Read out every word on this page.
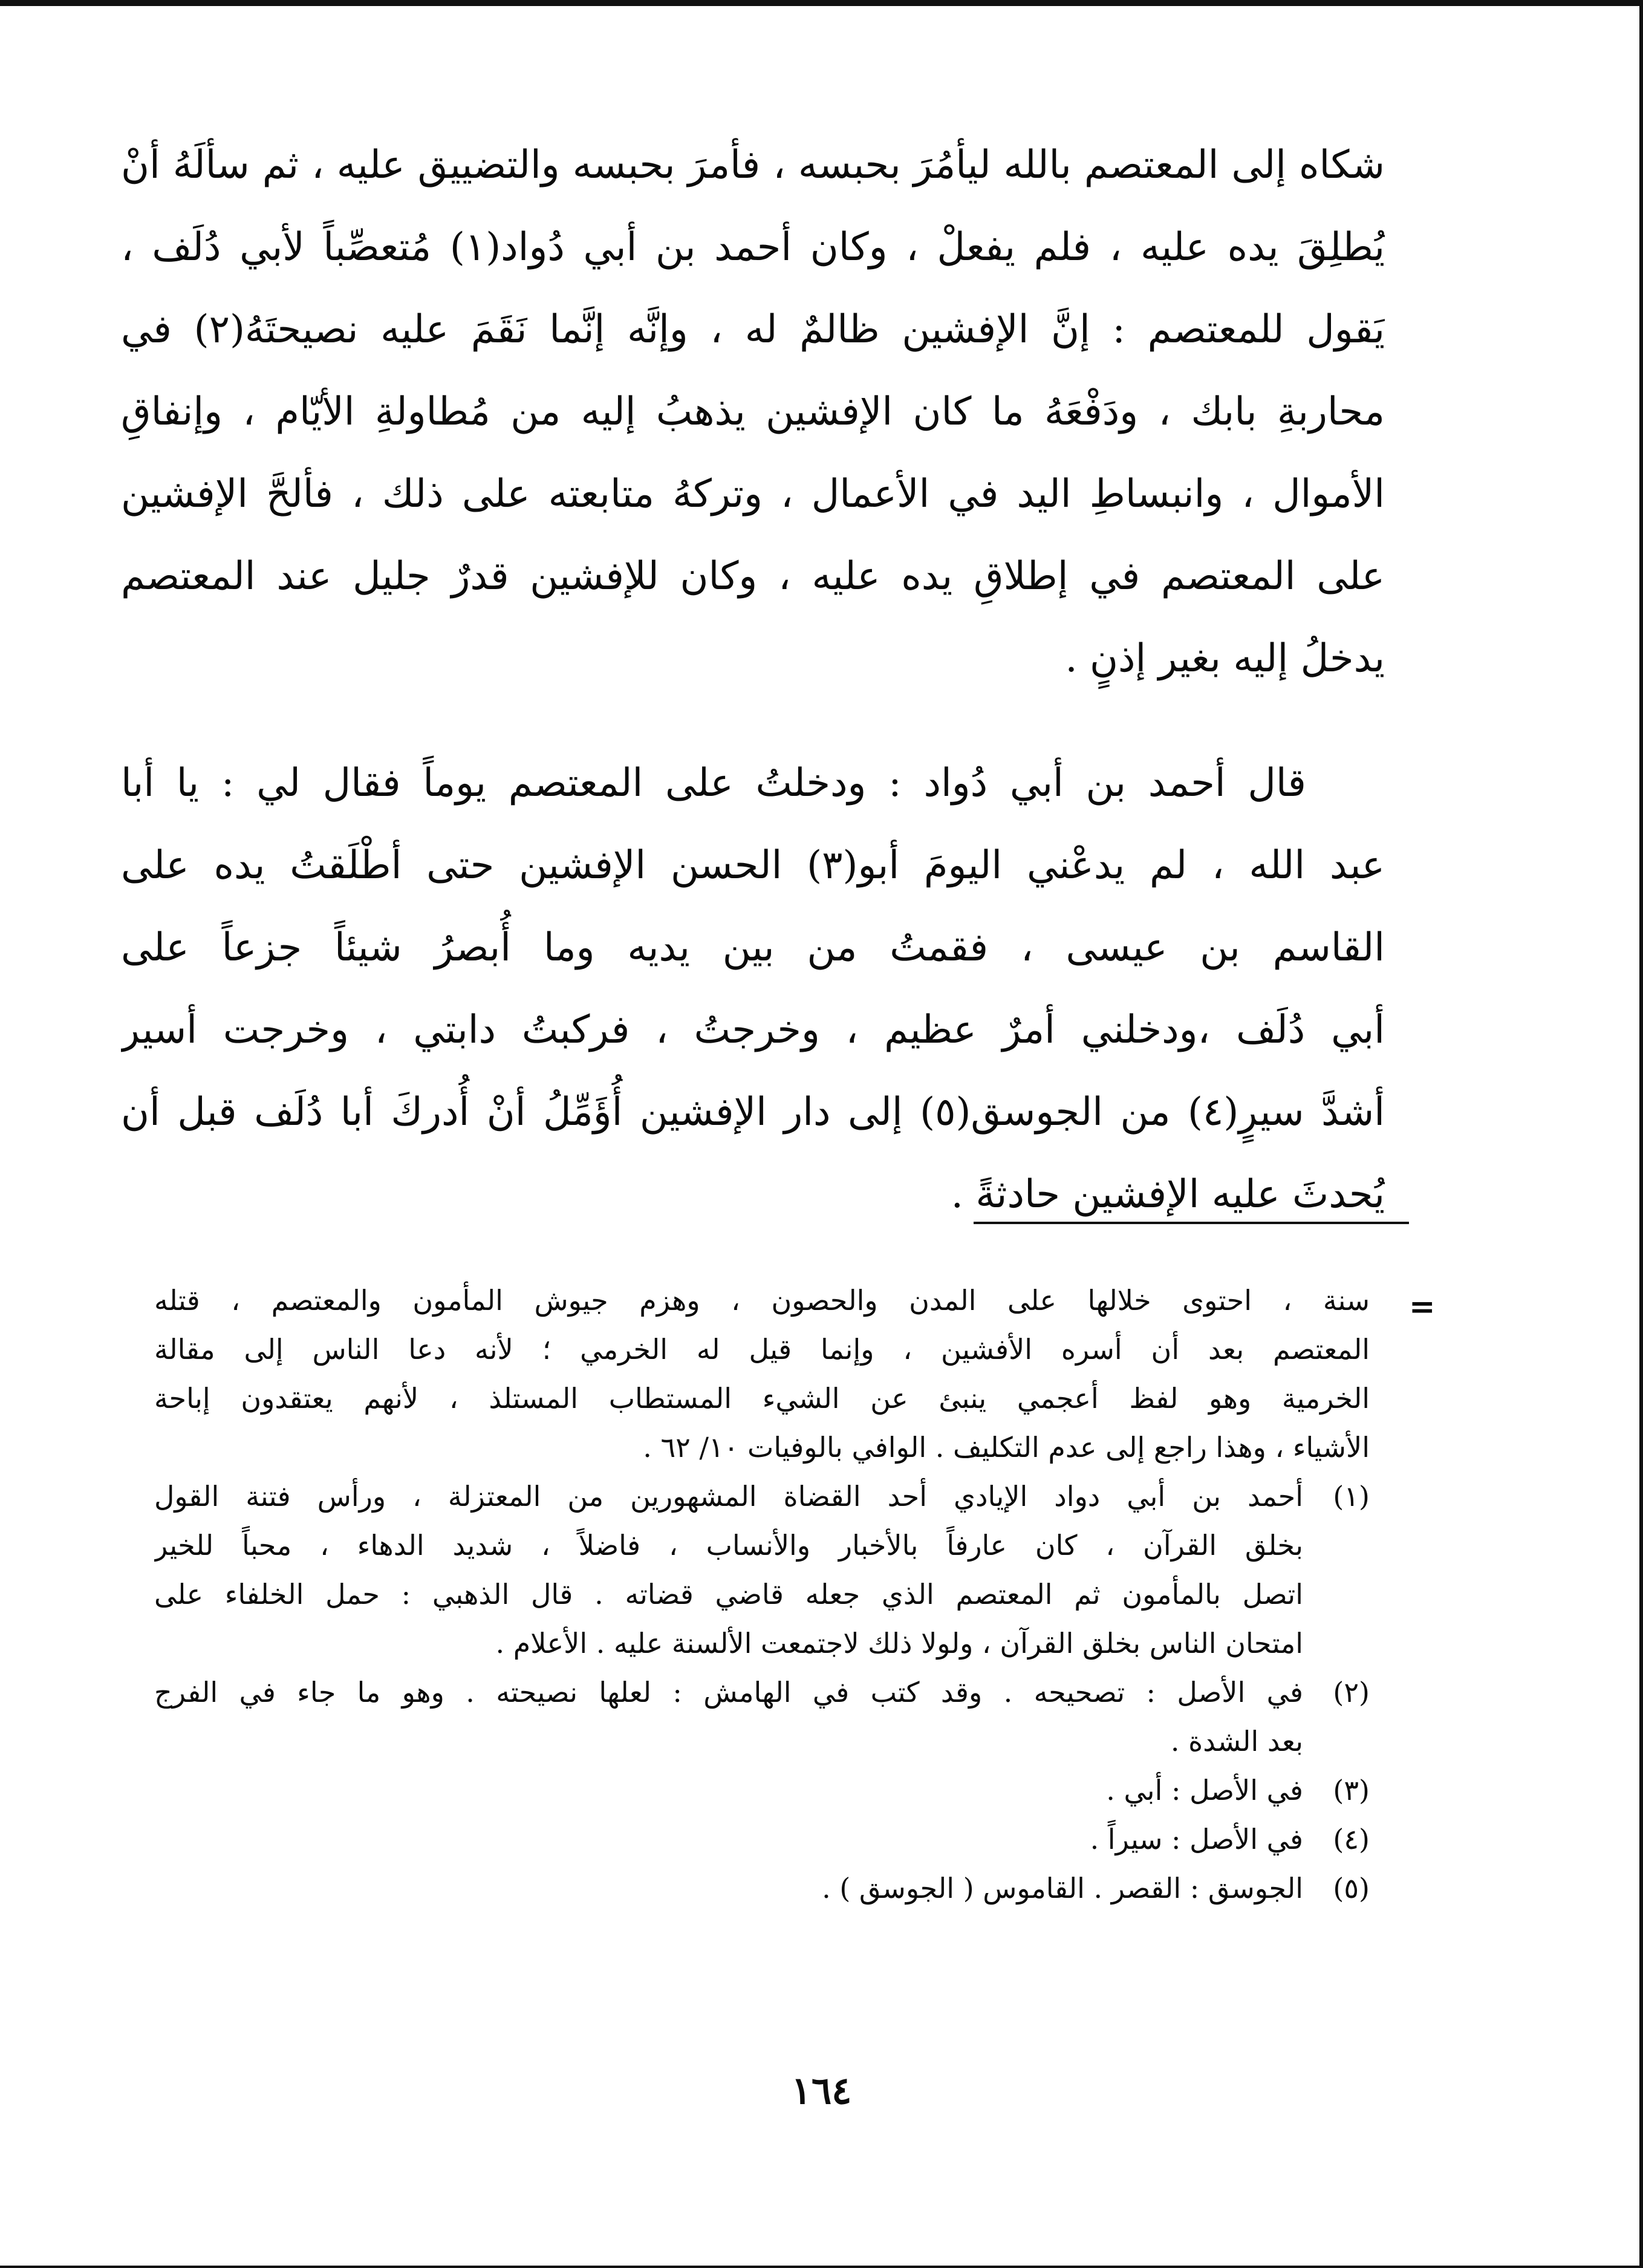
شكاه إلى المعتصم بالله ليأمُرَ بحبسه ، فأمرَ بحبسه والتضييق عليه ، ثم سألَهُ أنْ
يُطلِقَ يده عليه ، فلم يفعلْ ، وكان أحمد بن أبي دُواد(١) مُتعصِّباً لأبي دُلَف ،
يَقول للمعتصم : إنَّ الإفشين ظالمٌ له ، وإنَّه إنَّما نَقَمَ عليه نصيحتَهُ(٢) في
محاربةِ بابك ، ودَفْعَهُ ما كان الإفشين يذهبُ إليه من مُطاولةِ الأيّام ، وإنفاقِ
الأموال ، وانبساطِ اليد في الأعمال ، وتركهُ متابعته على ذلك ، فألحَّ الإفشين
على المعتصم في إطلاقِ يده عليه ، وكان للإفشين قدرٌ جليل عند المعتصم
يدخلُ إليه بغير إذنٍ .
قال أحمد بن أبي دُواد : ودخلتُ على المعتصم يوماً فقال لي : يا أبا
عبد الله ، لم يدعْني اليومَ أبو(٣) الحسن الإفشين حتى أطْلَقتُ يده على
القاسم بن عيسى ، فقمتُ من بين يديه وما أُبصرُ شيئاً جزعاً على
أبي دُلَف ،ودخلني أمرٌ عظيم ، وخرجتُ ، فركبتُ دابتي ، وخرجت أسير
أشدَّ سيرٍ(٤) من الجوسق(٥) إلى دار الإفشين أُؤَمِّلُ أنْ أُدركَ أبا دُلَف قبل أن
يُحدثَ عليه الإفشين حادثةً .
=
سنة ، احتوى خلالها على المدن والحصون ، وهزم جيوش المأمون والمعتصم ، قتله
المعتصم بعد أن أسره الأفشين ، وإنما قيل له الخرمي ؛ لأنه دعا الناس إلى مقالة
الخرمية وهو لفظ أعجمي ينبئ عن الشيء المستطاب المستلذ ، لأنهم يعتقدون إباحة
الأشياء ، وهذا راجع إلى عدم التكليف . الوافي بالوفيات ١٠/ ٦٢ .
(١)
أحمد بن أبي دواد الإيادي أحد القضاة المشهورين من المعتزلة ، ورأس فتنة القول
بخلق القرآن ، كان عارفاً بالأخبار والأنساب ، فاضلاً ، شديد الدهاء ، محباً للخير
اتصل بالمأمون ثم المعتصم الذي جعله قاضي قضاته . قال الذهبي : حمل الخلفاء على
امتحان الناس بخلق القرآن ، ولولا ذلك لاجتمعت الألسنة عليه . الأعلام .
(٢)
في الأصل : تصحيحه . وقد كتب في الهامش : لعلها نصيحته . وهو ما جاء في الفرج
بعد الشدة .
(٣)
في الأصل : أبي .
(٤)
في الأصل : سيراً .
(٥)
الجوسق : القصر . القاموس ( الجوسق ) .
١٦٤
